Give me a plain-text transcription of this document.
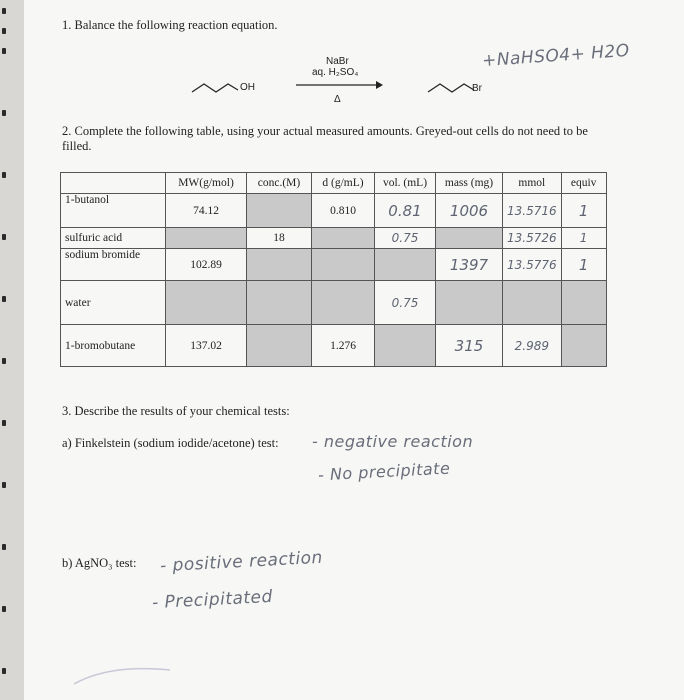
1. Balance the following reaction equation.
OH
NaBr
aq. H₂SO₄
Δ
Br
+NaHSO4+ H2O
2. Complete the following table, using your actual measured amounts. Greyed-out cells do not need to be filled.
	MW(g/mol)	conc.(M)	d (g/mL)	vol. (mL)	mass (mg)	mmol	equiv
1-butanol	74.12		0.810	0.81	1006	13.5716	1
sulfuric acid		18		0.75		13.5726	1
sodium bromide	102.89				1397	13.5776	1
water				0.75			
1-bromobutane	137.02		1.276		315	2.989	
3. Describe the results of your chemical tests:
a) Finkelstein (sodium iodide/acetone) test: - negative reaction
- No precipitate
b) AgNO₃ test: - positive reaction
- Precipitated
